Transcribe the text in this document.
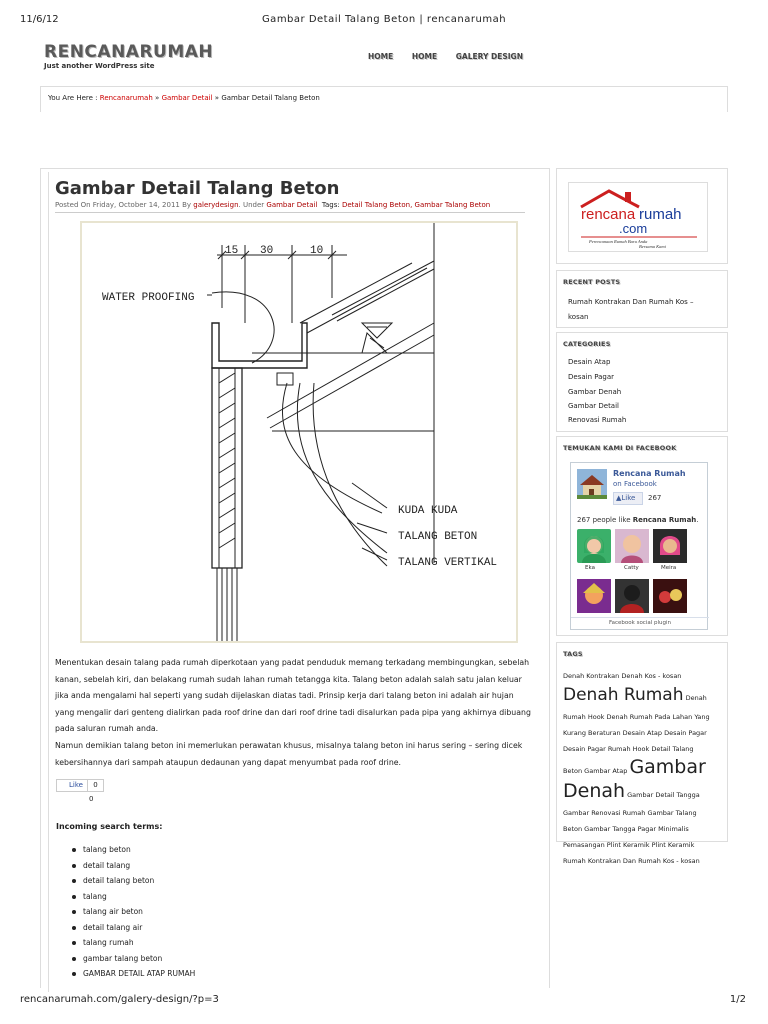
11/6/12	Gambar Detail Talang Beton | rencanarumah
RENCANARUMAH
Just another WordPress site
HOME HOME GALERY DESIGN
You Are Here : Rencanarumah » Gambar Detail » Gambar Detail Talang Beton
Gambar Detail Talang Beton
Posted On Friday, October 14, 2011 By galerydesign. Under Gambar Detail Tags: Detail Talang Beton, Gambar Talang Beton
15 30	10
WATER PROOFING
KUDA KUDA
TALANG BETON
TALANG VERTIKAL
Menentukan desain talang pada rumah diperkotaan yang padat penduduk memang terkadang membingungkan, sebelah kanan, sebelah kiri, dan belakang rumah sudah lahan rumah tetangga kita. Talang beton adalah salah satu jalan keluar jika anda mengalami hal seperti yang sudah dijelaskan diatas tadi. Prinsip kerja dari talang beton ini adalah air hujan yang mengalir dari genteng dialirkan pada roof drine dan dari roof drine tadi disalurkan pada pipa yang akhirnya dibuang pada saluran rumah anda.
Namun demikian talang beton ini memerlukan perawatan khusus, misalnya talang beton ini harus sering – sering dicek kebersihannya dari sampah ataupun dedaunan yang dapat menyumbat pada roof drine.
Like	0
0
Incoming search terms:
talang beton
detail talang
detail talang beton
talang
talang air beton
detail talang air
talang rumah
gambar talang beton
GAMBAR DETAIL ATAP RUMAH
rencana rumah
.com
Perencanaan Rumah Baru Anda
Bersama Kami
RECENT POSTS
Rumah Kontrakan Dan Rumah Kos –
kosan
CATEGORIES
Desain Atap
Desain Pagar
Gambar Denah
Gambar Detail
Renovasi Rumah
TEMUKAN KAMI DI FACEBOOK
Rencana Rumah
on Facebook
▲Like	267
267 people like Rencana Rumah.
Eka	Catty	Meira
Facebook social plugin
TAGS
Denah Kontrakan Denah Kos - kosan
Denah Rumah Denah
Rumah Hook Denah Rumah Pada Lahan Yang
Kurang Beraturan Desain Atap Desain Pagar
Desain Pagar Rumah Hook Detail Talang
Beton Gambar Atap Gambar
Denah Gambar Detail Tangga
Gambar Renovasi Rumah Gambar Talang
Beton Gambar Tangga Pagar Minimalis
Pemasangan Plint Keramik Plint Keramik
Rumah Kontrakan Dan Rumah Kos - kosan
rencanarumah.com/galery-design/?p=3	1/2
